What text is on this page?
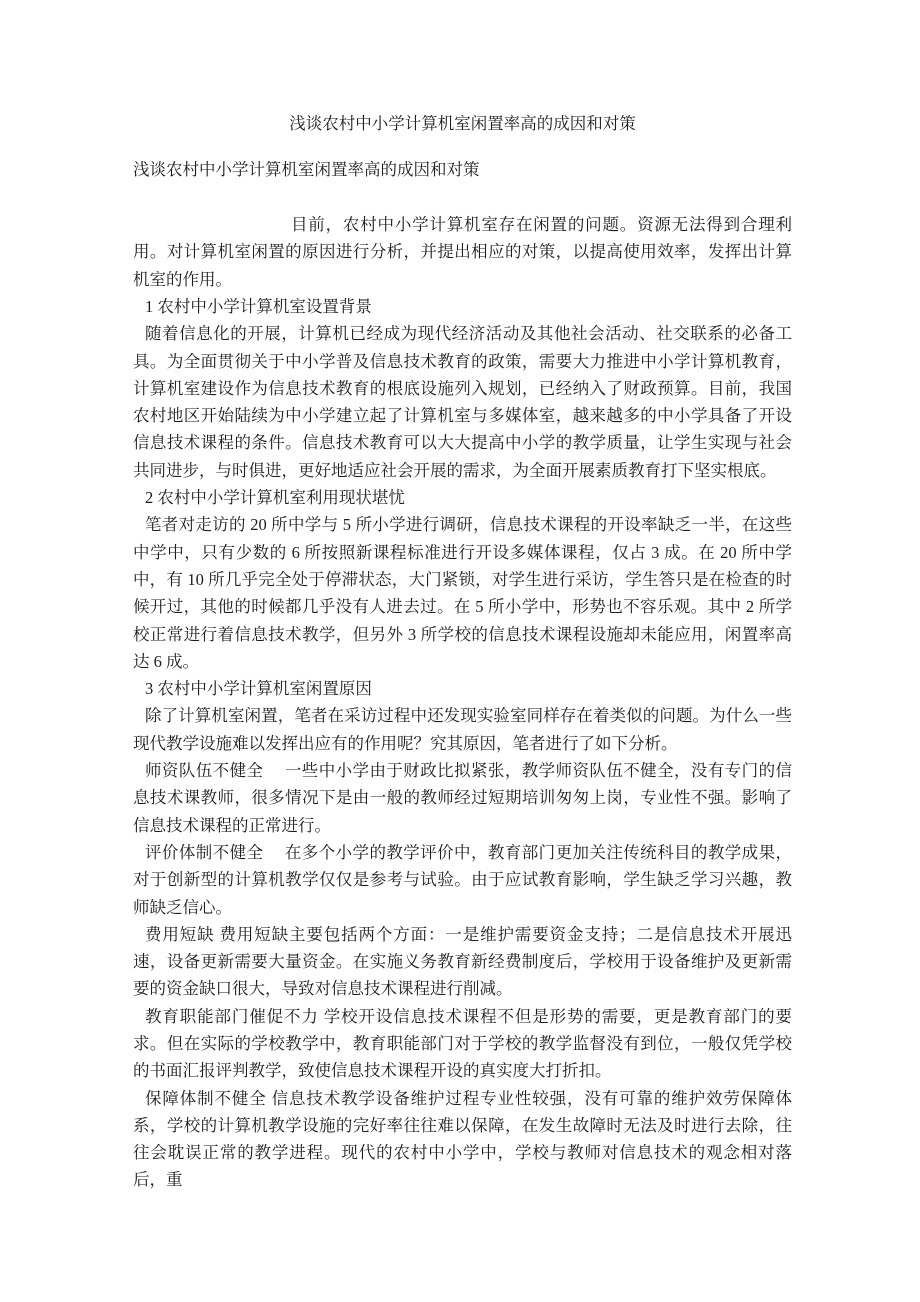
浅谈农村中小学计算机室闲置率高的成因和对策

浅谈农村中小学计算机室闲置率高的成因和对策

目前，农村中小学计算机室存在闲置的问题。资源无法得到合理利用。对计算机室闲置的原因进行分析，并提出相应的对策，以提高使用效率，发挥出计算机室的作用。

1 农村中小学计算机室设置背景

随着信息化的开展，计算机已经成为现代经济活动及其他社会活动、社交联系的必备工具。为全面贯彻关于中小学普及信息技术教育的政策，需要大力推进中小学计算机教育，计算机室建设作为信息技术教育的根底设施列入规划，已经纳入了财政预算。目前，我国农村地区开始陆续为中小学建立起了计算机室与多媒体室，越来越多的中小学具备了开设信息技术课程的条件。信息技术教育可以大大提高中小学的教学质量，让学生实现与社会共同进步，与时俱进，更好地适应社会开展的需求，为全面开展素质教育打下坚实根底。

2 农村中小学计算机室利用现状堪忧

笔者对走访的 20 所中学与 5 所小学进行调研，信息技术课程的开设率缺乏一半，在这些中学中，只有少数的 6 所按照新课程标准进行开设多媒体课程，仅占 3 成。在 20 所中学中，有 10 所几乎完全处于停滞状态，大门紧锁，对学生进行采访，学生答只是在检查的时候开过，其他的时候都几乎没有人进去过。在 5 所小学中，形势也不容乐观。其中 2 所学校正常进行着信息技术教学，但另外 3 所学校的信息技术课程设施却未能应用，闲置率高达 6 成。

3 农村中小学计算机室闲置原因

除了计算机室闲置，笔者在采访过程中还发现实验室同样存在着类似的问题。为什么一些现代教学设施难以发挥出应有的作用呢？究其原因，笔者进行了如下分析。

师资队伍不健全　 一些中小学由于财政比拟紧张，教学师资队伍不健全，没有专门的信息技术课教师，很多情况下是由一般的教师经过短期培训匆匆上岗，专业性不强。影响了信息技术课程的正常进行。

评价体制不健全　 在多个小学的教学评价中，教育部门更加关注传统科目的教学成果，对于创新型的计算机教学仅仅是参考与试验。由于应试教育影响，学生缺乏学习兴趣，教师缺乏信心。

费用短缺 费用短缺主要包括两个方面：一是维护需要资金支持；二是信息技术开展迅速，设备更新需要大量资金。在实施义务教育新经费制度后，学校用于设备维护及更新需要的资金缺口很大，导致对信息技术课程进行削减。

教育职能部门催促不力 学校开设信息技术课程不但是形势的需要，更是教育部门的要求。但在实际的学校教学中，教育职能部门对于学校的教学监督没有到位，一般仅凭学校的书面汇报评判教学，致使信息技术课程开设的真实度大打折扣。

保障体制不健全 信息技术教学设备维护过程专业性较强，没有可靠的维护效劳保障体系，学校的计算机教学设施的完好率往往难以保障，在发生故障时无法及时进行去除，往往会耽误正常的教学进程。现代的农村中小学中，学校与教师对信息技术的观念相对落后，重
